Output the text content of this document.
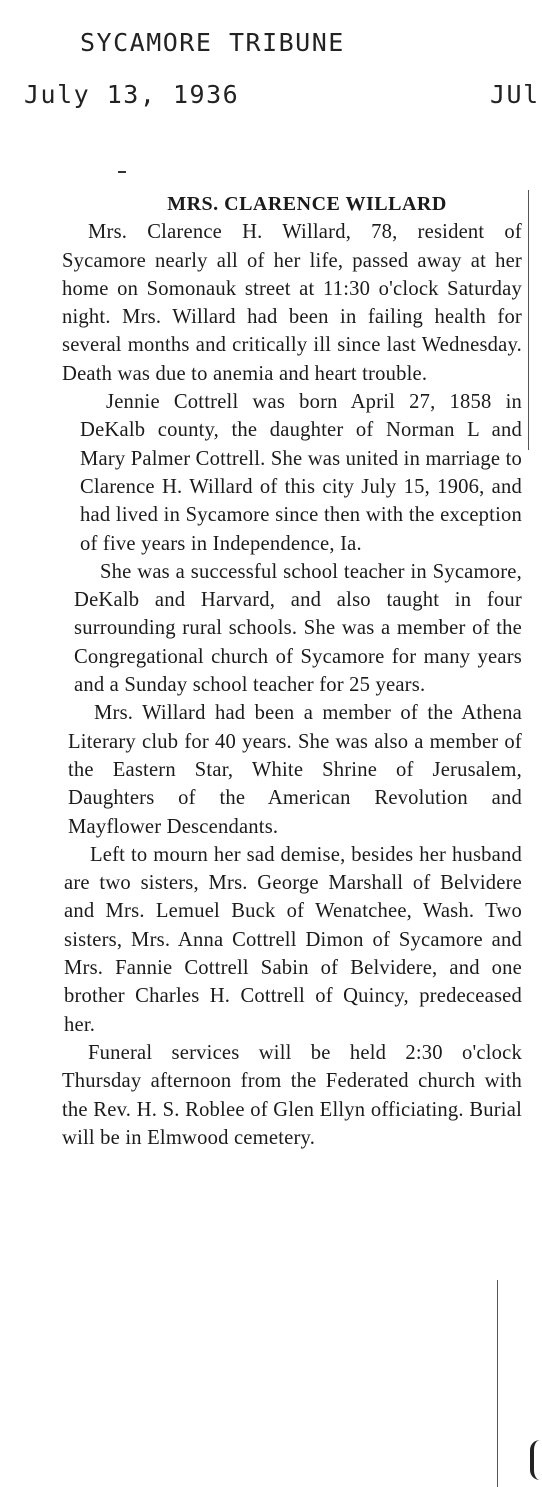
SYCAMORE TRIBUNE
July 13, 1936	JUl

MRS. CLARENCE WILLARD

Mrs. Clarence H. Willard, 78, resident of Sycamore nearly all of her life, passed away at her home on Somonauk street at 11:30 o'clock Saturday night. Mrs. Willard had been in failing health for several months and critically ill since last Wednesday. Death was due to anemia and heart trouble.

Jennie Cottrell was born April 27, 1858 in DeKalb county, the daughter of Norman L and Mary Palmer Cottrell. She was united in marriage to Clarence H. Willard of this city July 15, 1906, and had lived in Sycamore since then with the exception of five years in Independence, Ia.

She was a successful school teacher in Sycamore, DeKalb and Harvard, and also taught in four surrounding rural schools. She was a member of the Congregational church of Sycamore for many years and a Sunday school teacher for 25 years.

Mrs. Willard had been a member of the Athena Literary club for 40 years. She was also a member of the Eastern Star, White Shrine of Jerusalem, Daughters of the American Revolution and Mayflower Descendants.

Left to mourn her sad demise, besides her husband are two sisters, Mrs. George Marshall of Belvidere and Mrs. Lemuel Buck of Wenatchee, Wash. Two sisters, Mrs. Anna Cottrell Dimon of Sycamore and Mrs. Fannie Cottrell Sabin of Belvidere, and one brother Charles H. Cottrell of Quincy, predeceased her.

Funeral services will be held 2:30 o'clock Thursday afternoon from the Federated church with the Rev. H. S. Roblee of Glen Ellyn officiating. Burial will be in Elmwood cemetery.
